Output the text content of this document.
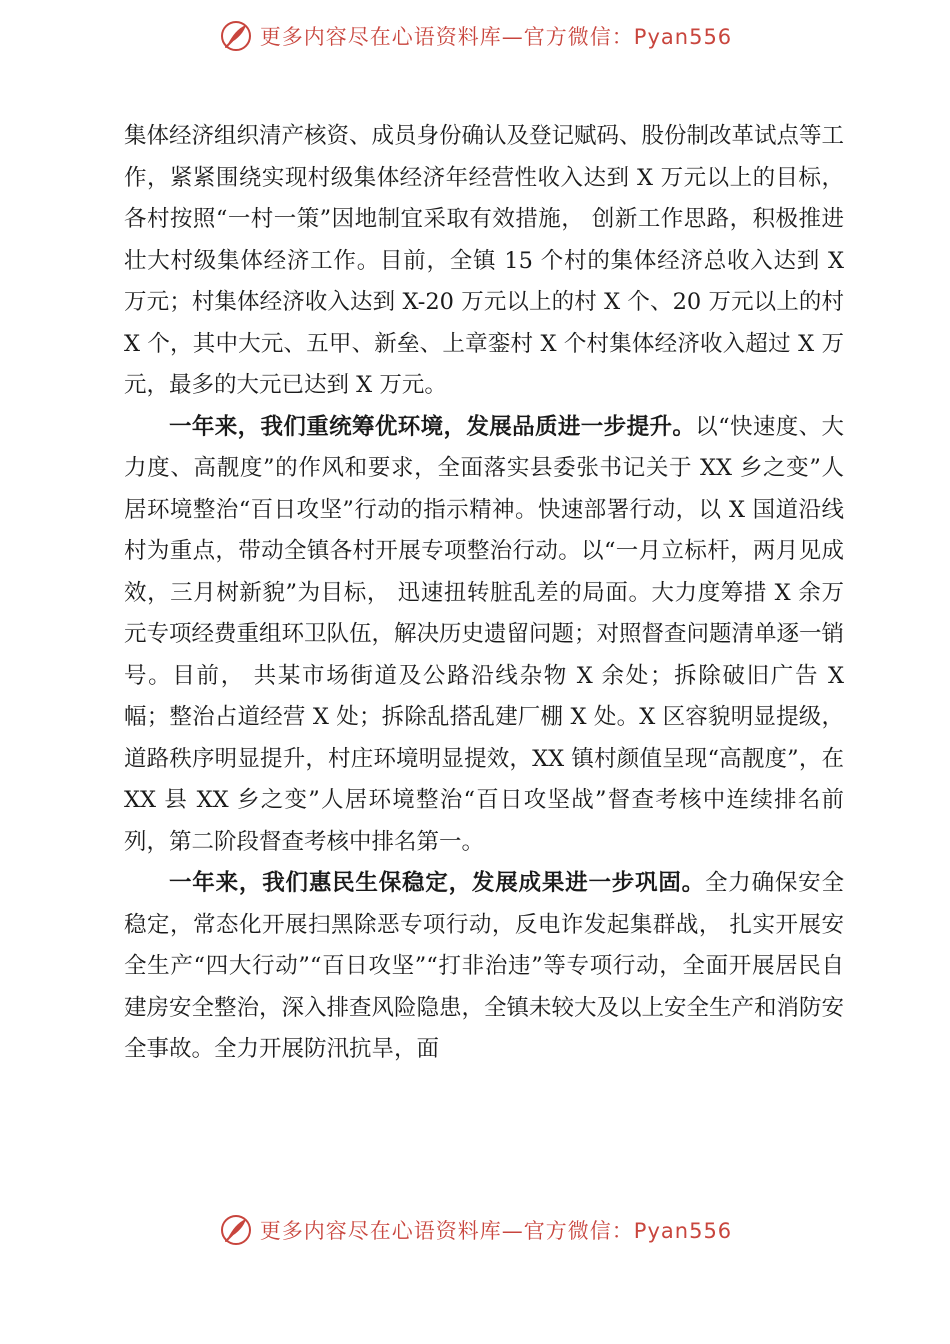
更多内容尽在心语资料库—官方微信：Pyan556

集体经济组织清产核资、成员身份确认及登记赋码、股份制改革试点等工作，紧紧围绕实现村级集体经济年经营性收入达到 X 万元以上的目标，各村按照“一村一策”因地制宜采取有效措施， 创新工作思路，积极推进壮大村级集体经济工作。目前，全镇 15 个村的集体经济总收入达到 X 万元；村集体经济收入达到 X-20 万元以上的村 X 个、20 万元以上的村 X 个，其中大元、五甲、新垒、上章銮村 X 个村集体经济收入超过 X 万元，最多的大元已达到 X 万元。

一年来，我们重统筹优环境，发展品质进一步提升。以“快速度、大力度、高靓度”的作风和要求，全面落实县委张书记关于 XX 乡之变”人居环境整治“百日攻坚”行动的指示精神。快速部署行动，以 X 国道沿线村为重点，带动全镇各村开展专项整治行动。以“一月立标杆，两月见成效，三月树新貌”为目标， 迅速扭转脏乱差的局面。大力度筹措 X 余万元专项经费重组环卫队伍，解决历史遗留问题；对照督查问题清单逐一销号。目前， 共某市场街道及公路沿线杂物 X 余处；拆除破旧广告 X 幅；整治占道经营 X 处；拆除乱搭乱建厂棚 X 处。X 区容貌明显提级，道路秩序明显提升，村庄环境明显提效，XX 镇村颜值呈现“高靓度”，在 XX 县 XX 乡之变”人居环境整治“百日攻坚战”督查考核中连续排名前列，第二阶段督查考核中排名第一。

一年来，我们惠民生保稳定，发展成果进一步巩固。全力确保安全稳定，常态化开展扫黑除恶专项行动，反电诈发起集群战， 扎实开展安全生产“四大行动”“百日攻坚”“打非治违”等专项行动，全面开展居民自建房安全整治，深入排查风险隐患，全镇未较大及以上安全生产和消防安全事故。全力开展防汛抗旱，面

更多内容尽在心语资料库—官方微信：Pyan556
